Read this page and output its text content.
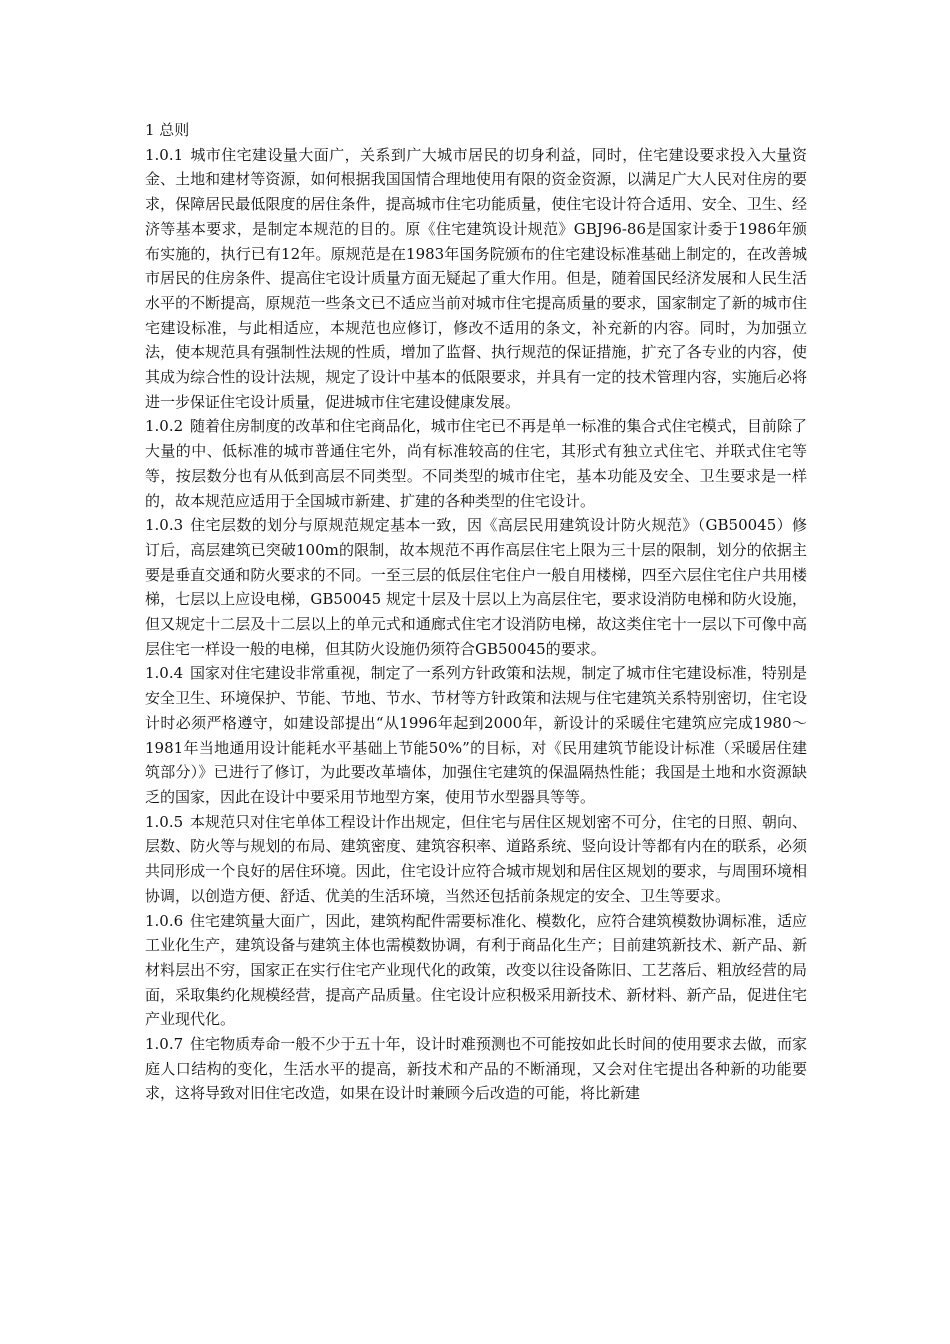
1 总则

1.0.1 城市住宅建设量大面广，关系到广大城市居民的切身利益，同时，住宅建设要求投入大量资金、土地和建材等资源，如何根据我国国情合理地使用有限的资金资源，以满足广大人民对住房的要求，保障居民最低限度的居住条件，提高城市住宅功能质量，使住宅设计符合适用、安全、卫生、经济等基本要求，是制定本规范的目的。原《住宅建筑设计规范》GBJ96-86是国家计委于1986年颁布实施的，执行已有12年。原规范是在1983年国务院颁布的住宅建设标准基础上制定的，在改善城市居民的住房条件、提高住宅设计质量方面无疑起了重大作用。但是，随着国民经济发展和人民生活水平的不断提高，原规范一些条文已不适应当前对城市住宅提高质量的要求，国家制定了新的城市住宅建设标准，与此相适应，本规范也应修订，修改不适用的条文，补充新的内容。同时，为加强立法，使本规范具有强制性法规的性质，增加了监督、执行规范的保证措施，扩充了各专业的内容，使其成为综合性的设计法规，规定了设计中基本的低限要求，并具有一定的技术管理内容，实施后必将进一步保证住宅设计质量，促进城市住宅建设健康发展。

1.0.2 随着住房制度的改革和住宅商品化，城市住宅已不再是单一标准的集合式住宅模式，目前除了大量的中、低标准的城市普通住宅外，尚有标准较高的住宅，其形式有独立式住宅、并联式住宅等等，按层数分也有从低到高层不同类型。不同类型的城市住宅，基本功能及安全、卫生要求是一样的，故本规范应适用于全国城市新建、扩建的各种类型的住宅设计。

1.0.3 住宅层数的划分与原规范规定基本一致，因《高层民用建筑设计防火规范》（GB50045）修订后，高层建筑已突破100m的限制，故本规范不再作高层住宅上限为三十层的限制，划分的依据主要是垂直交通和防火要求的不同。一至三层的低层住宅住户一般自用楼梯，四至六层住宅住户共用楼梯，七层以上应设电梯，GB50045 规定十层及十层以上为高层住宅，要求设消防电梯和防火设施，但又规定十二层及十二层以上的单元式和通廊式住宅才设消防电梯，故这类住宅十一层以下可像中高层住宅一样设一般的电梯，但其防火设施仍须符合GB50045的要求。

1.0.4 国家对住宅建设非常重视，制定了一系列方针政策和法规，制定了城市住宅建设标准，特别是安全卫生、环境保护、节能、节地、节水、节材等方针政策和法规与住宅建筑关系特别密切，住宅设计时必须严格遵守，如建设部提出“从1996年起到2000年，新设计的采暖住宅建筑应完成1980～1981年当地通用设计能耗水平基础上节能50%”的目标，对《民用建筑节能设计标准（采暖居住建筑部分）》已进行了修订，为此要改革墙体，加强住宅建筑的保温隔热性能；我国是土地和水资源缺乏的国家，因此在设计中要采用节地型方案，使用节水型器具等等。

1.0.5 本规范只对住宅单体工程设计作出规定，但住宅与居住区规划密不可分，住宅的日照、朝向、层数、防火等与规划的布局、建筑密度、建筑容积率、道路系统、竖向设计等都有内在的联系，必须共同形成一个良好的居住环境。因此，住宅设计应符合城市规划和居住区规划的要求，与周围环境相协调，以创造方便、舒适、优美的生活环境，当然还包括前条规定的安全、卫生等要求。

1.0.6 住宅建筑量大面广，因此，建筑构配件需要标准化、模数化，应符合建筑模数协调标准，适应工业化生产，建筑设备与建筑主体也需模数协调，有利于商品化生产；目前建筑新技术、新产品、新材料层出不穷，国家正在实行住宅产业现代化的政策，改变以往设备陈旧、工艺落后、粗放经营的局面，采取集约化规模经营，提高产品质量。住宅设计应积极采用新技术、新材料、新产品，促进住宅产业现代化。

1.0.7 住宅物质寿命一般不少于五十年，设计时难预测也不可能按如此长时间的使用要求去做，而家庭人口结构的变化，生活水平的提高，新技术和产品的不断涌现，又会对住宅提出各种新的功能要求，这将导致对旧住宅改造，如果在设计时兼顾今后改造的可能，将比新建
